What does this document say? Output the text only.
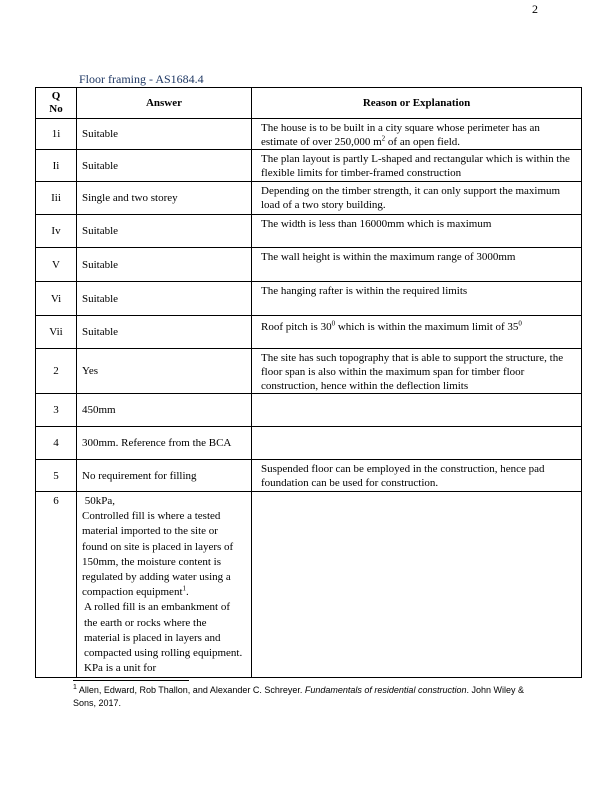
2
Floor framing - AS1684.4
Q No	Answer	Reason or Explanation
1i	Suitable	The house is to be built in a city square whose perimeter has an estimate of over 250,000 $m^2$ of an open field.
Ii	Suitable	The plan layout is partly L-shaped and rectangular which is within the flexible limits for timber-framed construction
Iii	Single and two storey	Depending on the timber strength, it can only support the maximum load of a two story building.
Iv	Suitable	The width is less than 16000mm which is maximum
V	Suitable	The wall height is within the maximum range of 3000mm
Vi	Suitable	The hanging rafter is within the required limits
Vii	Suitable	Roof pitch is $30^0$ which is within the maximum limit of $35^0$
2	Yes	The site has such topography that is able to support the structure, the floor span is also within the maximum span for timber floor construction, hence within the deflection limits
3	450mm	
4	300mm. Reference from the BCA	
5	No requirement for filling	Suspended floor can be employed in the construction, hence pad foundation can be used for construction.
6	50kPa,
Controlled fill is where a tested material imported to the site or found on site is placed in layers of 150mm, the moisture content is regulated by adding water using a compaction equipment$^1$.
A rolled fill is an embankment of the earth or rocks where the material is placed in layers and compacted using rolling equipment. KPa is a unit for	

$^1$ Allen, Edward, Rob Thallon, and Alexander C. Schreyer. Fundamentals of residential construction. John Wiley & Sons, 2017.
